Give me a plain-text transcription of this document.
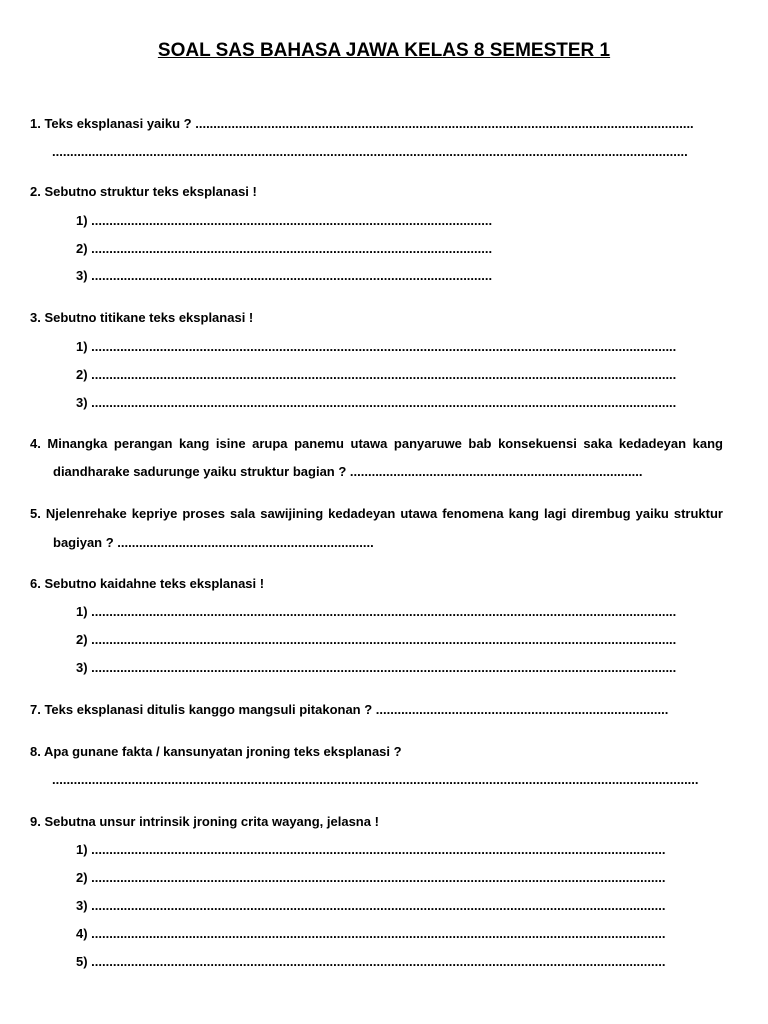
SOAL SAS BAHASA JAWA KELAS 8 SEMESTER 1
1. Teks eksplanasi yaiku ? ..........................................................................................................................................
................................................................................................................................................................................
2. Sebutno struktur teks eksplanasi !
1) ...............................................................................................................
2) ...............................................................................................................
3) ...............................................................................................................
3. Sebutno titikane teks eksplanasi !
1) ..................................................................................................................................................................
2) ..................................................................................................................................................................
3) ..................................................................................................................................................................
4. Minangka perangan kang isine arupa panemu utawa panyaruwe bab konsekuensi saka kedadeyan kang
diandharake sadurunge yaiku struktur bagian ? .................................................................................
5. Njelenrehake kepriye proses sala sawijining kedadeyan utawa fenomena kang lagi dirembug yaiku struktur
bagiyan ? .......................................................................
6. Sebutno kaidahne teks eksplanasi !
1) ..................................................................................................................................................................
2) ..................................................................................................................................................................
3) ..................................................................................................................................................................
7. Teks eksplanasi ditulis kanggo mangsuli pitakonan ? .................................................................................
8. Apa gunane fakta / kansunyatan jroning teks eksplanasi ?
...................................................................................................................................................................................
9. Sebutna unsur intrinsik jroning crita wayang, jelasna !
1) ...............................................................................................................................................................
2) ...............................................................................................................................................................
3) ...............................................................................................................................................................
4) ...............................................................................................................................................................
5) ...............................................................................................................................................................
